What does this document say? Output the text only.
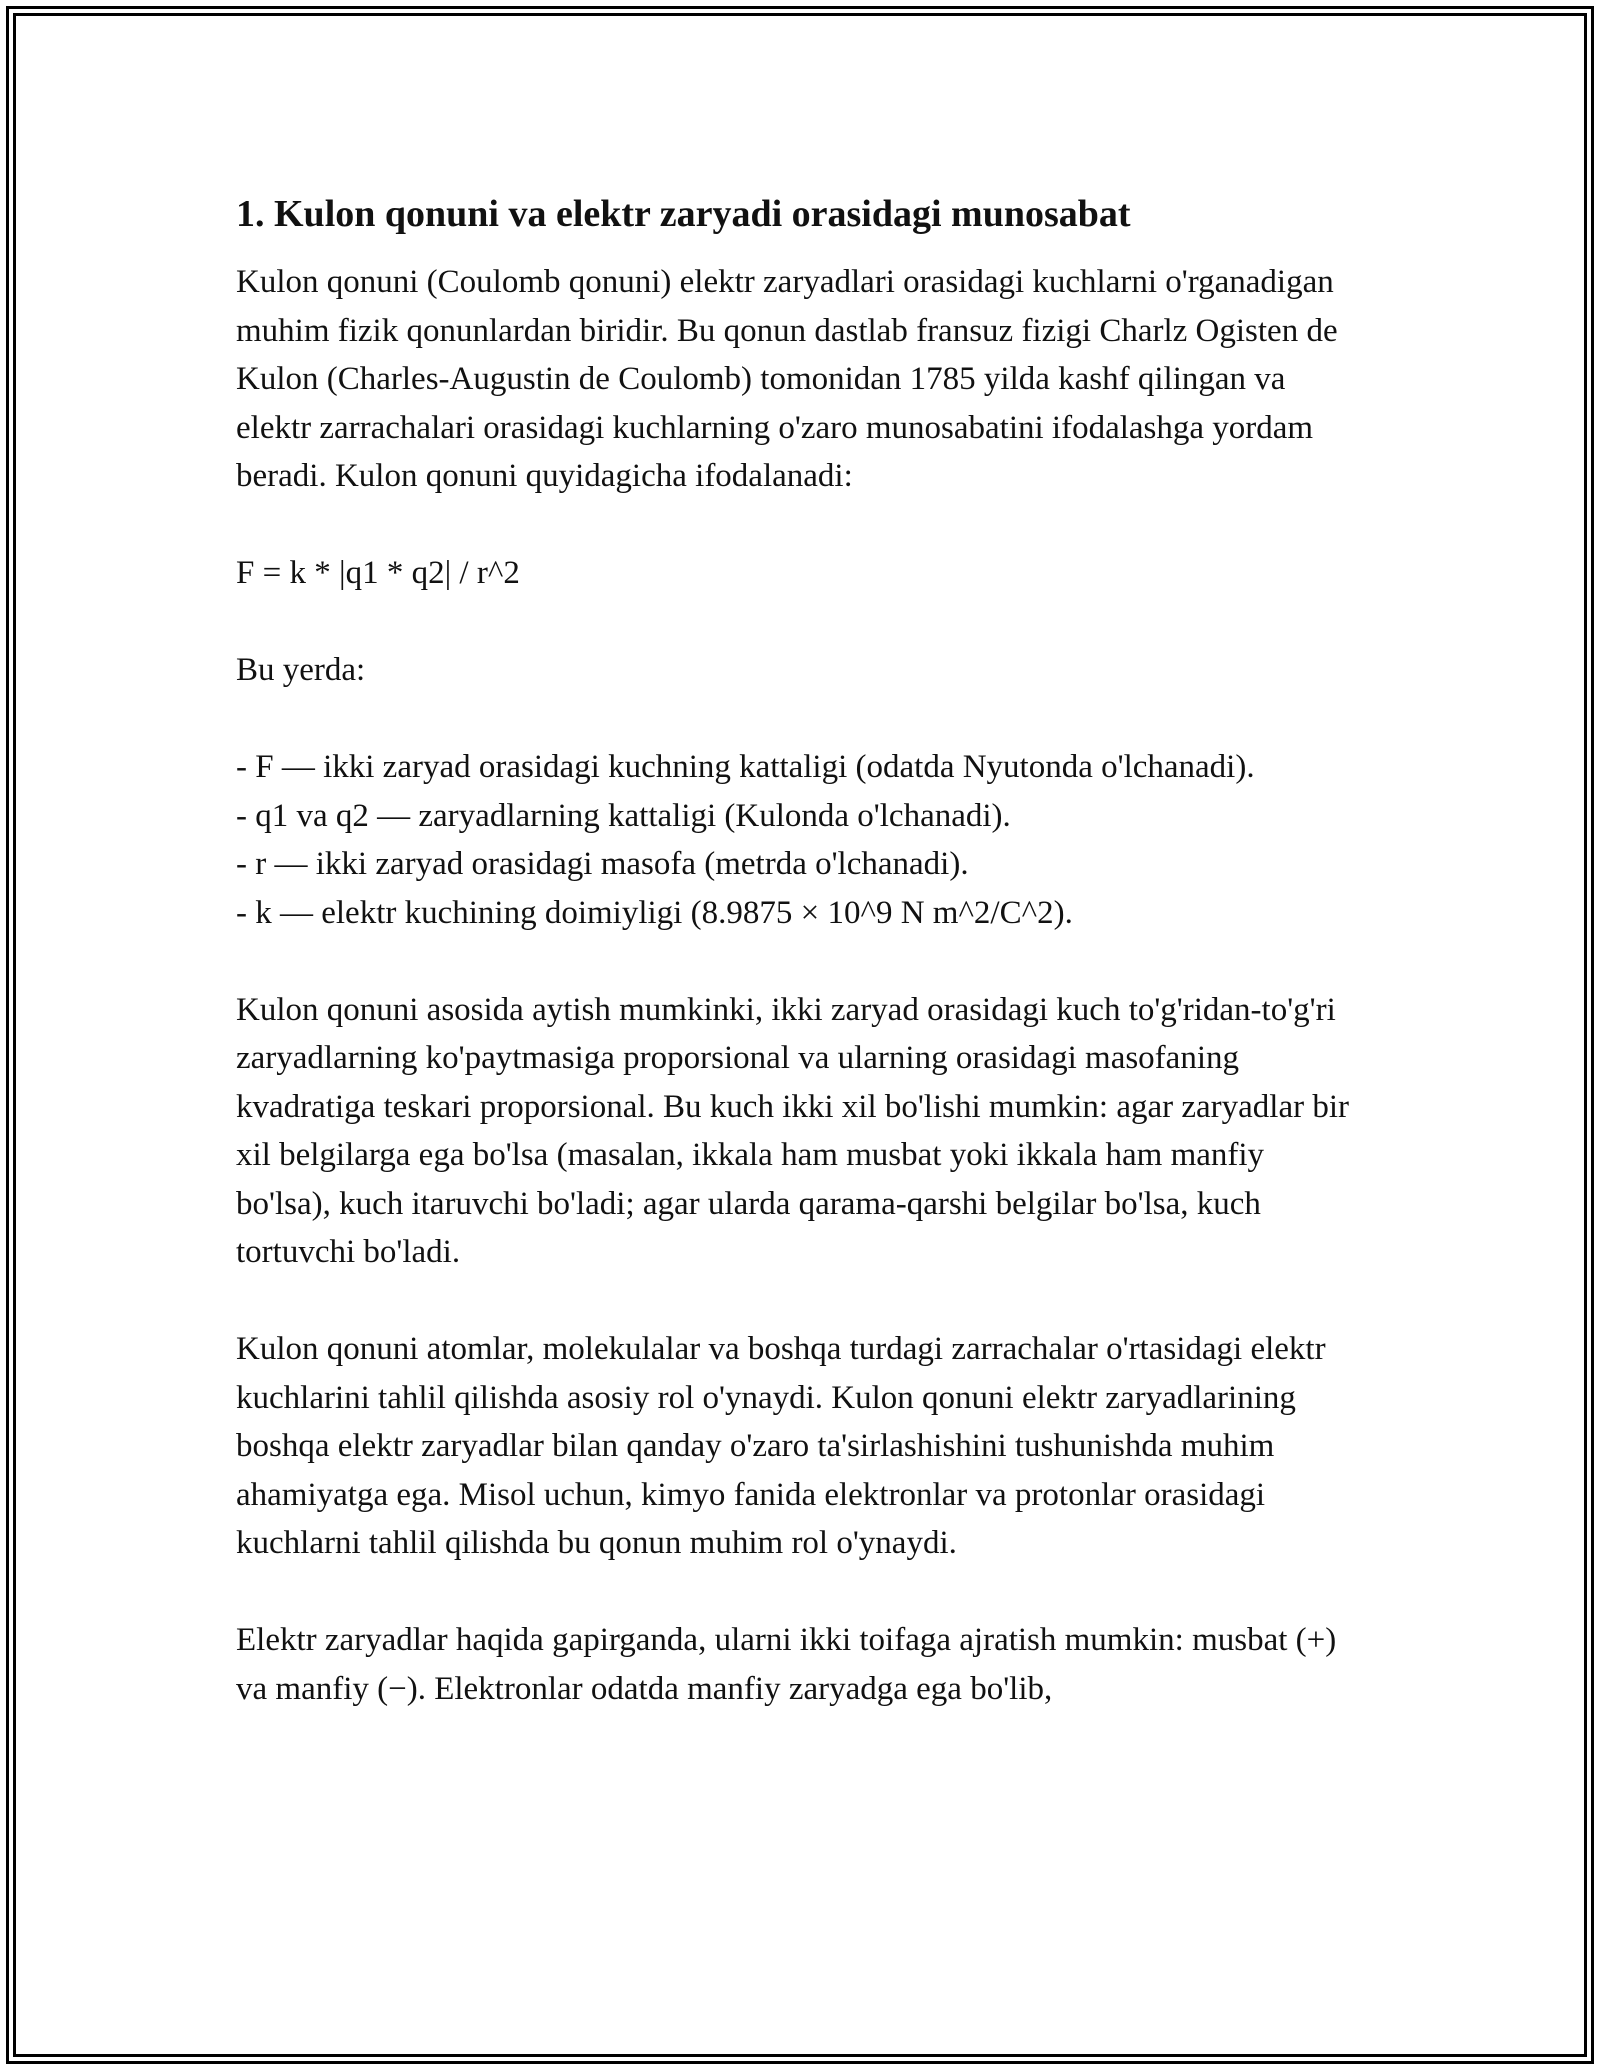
1. Kulon qonuni va elektr zaryadi orasidagi munosabat

Kulon qonuni (Coulomb qonuni) elektr zaryadlari orasidagi kuchlarni o'rganadigan muhim fizik qonunlardan biridir. Bu qonun dastlab fransuz fizigi Charlz Ogisten de Kulon (Charles-Augustin de Coulomb) tomonidan 1785 yilda kashf qilingan va elektr zarrachalari orasidagi kuchlarning o'zaro munosabatini ifodalashga yordam beradi. Kulon qonuni quyidagicha ifodalanadi:

F = k * |q1 * q2| / r^2

Bu yerda:

- F — ikki zaryad orasidagi kuchning kattaligi (odatda Nyutonda o'lchanadi).

- q1 va q2 — zaryadlarning kattaligi (Kulonda o'lchanadi).

- r — ikki zaryad orasidagi masofa (metrda o'lchanadi).

- k — elektr kuchining doimiyligi (8.9875 × 10^9 N m^2/C^2).

Kulon qonuni asosida aytish mumkinki, ikki zaryad orasidagi kuch to'g'ridan-to'g'ri zaryadlarning ko'paytmasiga proporsional va ularning orasidagi masofaning kvadratiga teskari proporsional. Bu kuch ikki xil bo'lishi mumkin: agar zaryadlar bir xil belgilarga ega bo'lsa (masalan, ikkala ham musbat yoki ikkala ham manfiy bo'lsa), kuch itaruvchi bo'ladi; agar ularda qarama-qarshi belgilar bo'lsa, kuch tortuvchi bo'ladi.

Kulon qonuni atomlar, molekulalar va boshqa turdagi zarrachalar o'rtasidagi elektr kuchlarini tahlil qilishda asosiy rol o'ynaydi. Kulon qonuni elektr zaryadlarining boshqa elektr zaryadlar bilan qanday o'zaro ta'sirlashishini tushunishda muhim ahamiyatga ega. Misol uchun, kimyo fanida elektronlar va protonlar orasidagi kuchlarni tahlil qilishda bu qonun muhim rol o'ynaydi.

Elektr zaryadlar haqida gapirganda, ularni ikki toifaga ajratish mumkin: musbat (+) va manfiy (−). Elektronlar odatda manfiy zaryadga ega bo'lib,
